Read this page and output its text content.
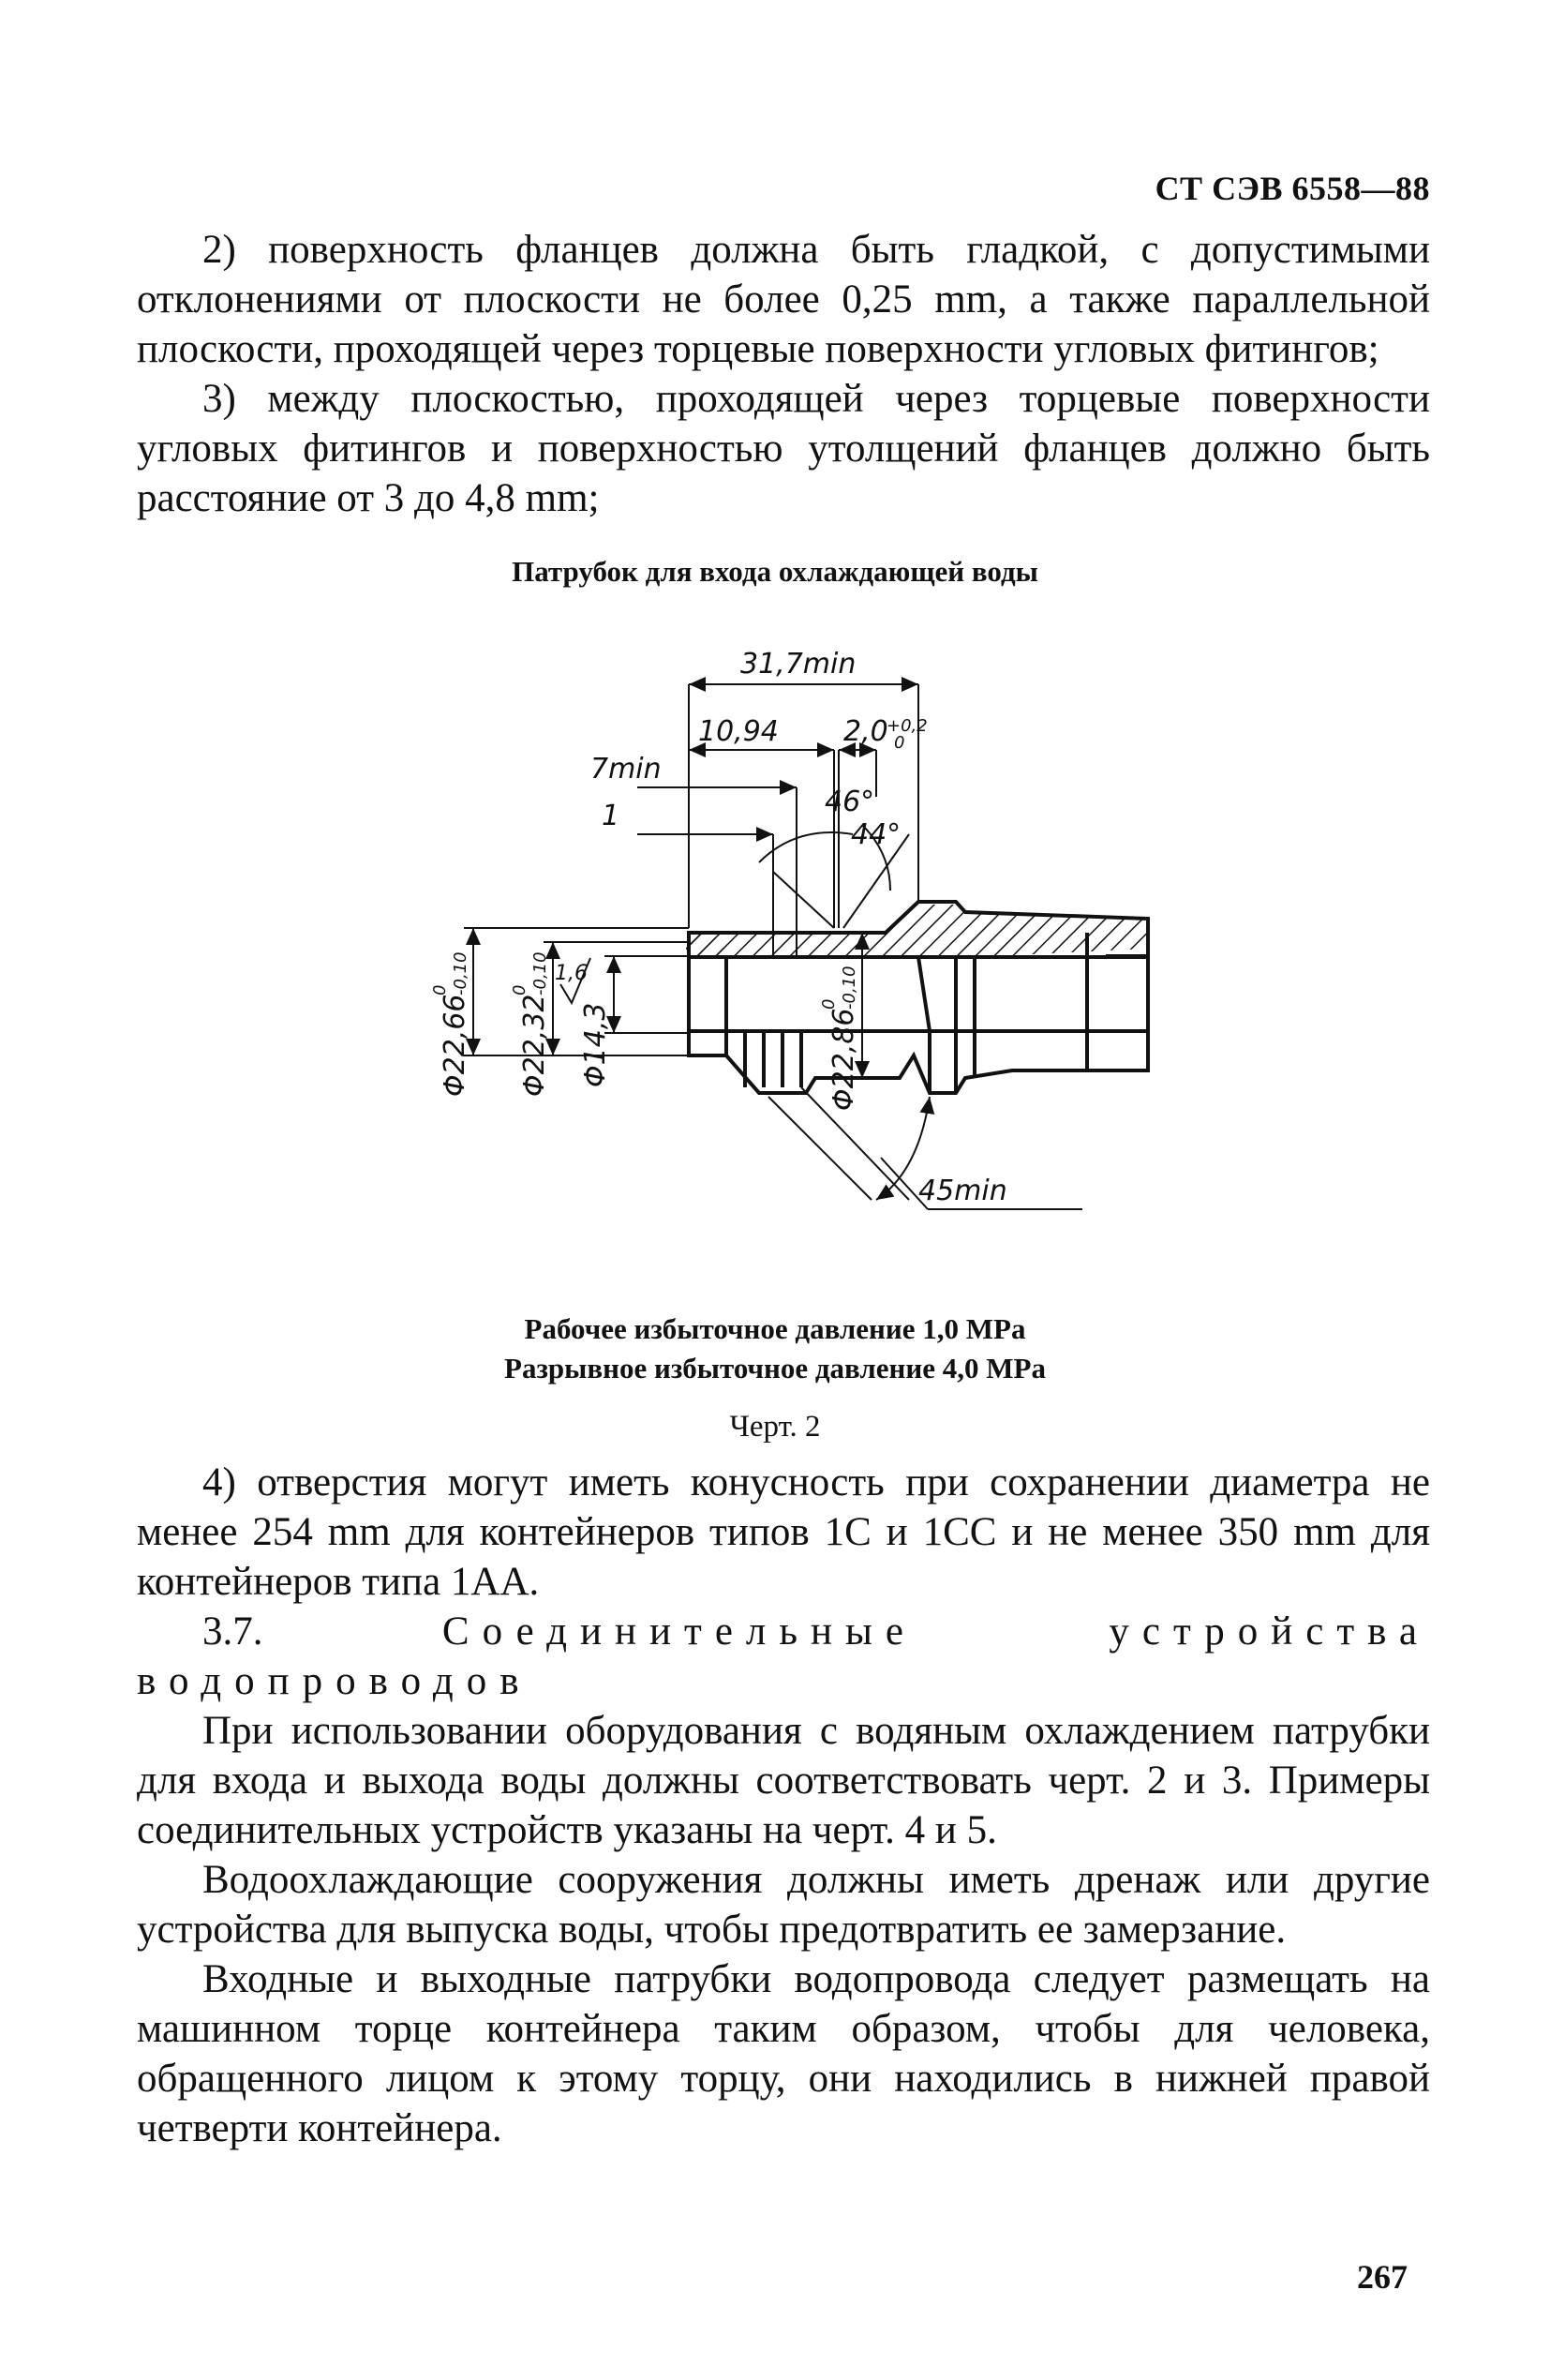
СТ СЭВ 6558—88

2) поверхность фланцев должна быть гладкой, с допустимыми отклонениями от плоскости не более 0,25 mm, а также параллельной плоскости, проходящей через торцевые поверхности угловых фитингов;

3) между плоскостью, проходящей через торцевые поверхности угловых фитингов и поверхностью утолщений фланцев должно быть расстояние от 3 до 4,8 mm;

Патрубок для входа охлаждающей воды
31,7min
10,94 2,0
+0,2
0
7min
1	46°
44°
Φ22,66
0 -0,10
Φ22,32
0 -0,10
Φ14,3	Φ22,86
0 -0,10
1,6
45min
Рабочее избыточное давление 1,0 MPa
Разрывное избыточное давление 4,0 MPa
Черт. 2

4) отверстия могут иметь конусность при сохранении диаметра не менее 254 mm для контейнеров типов 1С и 1СС и не менее 350 mm для контейнеров типа 1АА.

3.7.	Соединительные устройства водопроводов

При использовании оборудования с водяным охлаждением патрубки для входа и выхода воды должны соответствовать черт. 2 и 3. Примеры соединительных устройств указаны на черт. 4 и 5.

Водоохлаждающие сооружения должны иметь дренаж или другие устройства для выпуска воды, чтобы предотвратить ее замерзание.

Входные и выходные патрубки водопровода следует размещать на машинном торце контейнера таким образом, чтобы для человека, обращенного лицом к этому торцу, они находились в нижней правой четверти контейнера.

267
